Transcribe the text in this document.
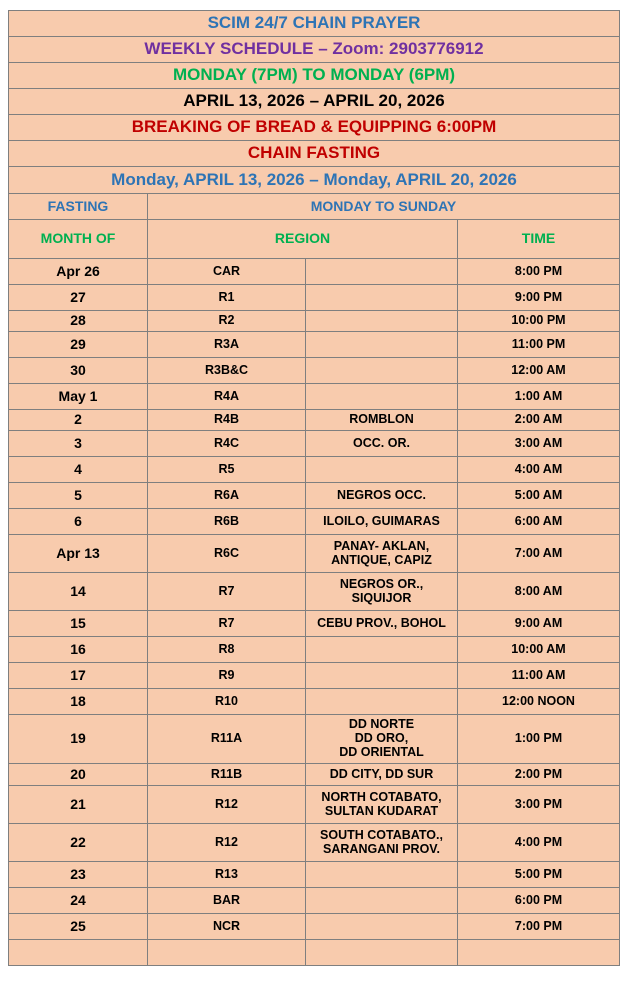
SCIM 24/7 CHAIN PRAYER			
WEEKLY SCHEDULE – Zoom: 2903776912			
MONDAY (7PM) TO MONDAY (6PM)			
APRIL 13, 2026 – APRIL 20, 2026			
BREAKING OF BREAD & EQUIPPING 6:00PM			
CHAIN FASTING			
Monday, APRIL 13, 2026 – Monday, APRIL 20, 2026			
FASTING	MONDAY TO SUNDAY		
MONTH OF	REGION		TIME
Apr 26	CAR		8:00 PM
27	R1		9:00 PM
28	R2		10:00 PM
29	R3A		11:00 PM
30	R3B&C		12:00 AM
May 1	R4A		1:00 AM
2	R4B	ROMBLON	2:00 AM
3	R4C	OCC. OR.	3:00 AM
4	R5		4:00 AM
5	R6A	NEGROS OCC.	5:00 AM
6	R6B	ILOILO, GUIMARAS	6:00 AM
Apr 13	R6C	PANAY- AKLAN,
ANTIQUE, CAPIZ	7:00 AM
14	R7	NEGROS OR.,
SIQUIJOR	8:00 AM
15	R7	CEBU PROV., BOHOL	9:00 AM
16	R8		10:00 AM
17	R9		11:00 AM
18	R10		12:00 NOON
19	R11A	DD NORTE
DD ORO,
DD ORIENTAL	1:00 PM
20	R11B	DD CITY, DD SUR	2:00 PM
21	R12	NORTH COTABATO,
SULTAN KUDARAT	3:00 PM
22	R12	SOUTH COTABATO.,
SARANGANI PROV.	4:00 PM
23	R13		5:00 PM
24	BAR		6:00 PM
25	NCR		7:00 PM
